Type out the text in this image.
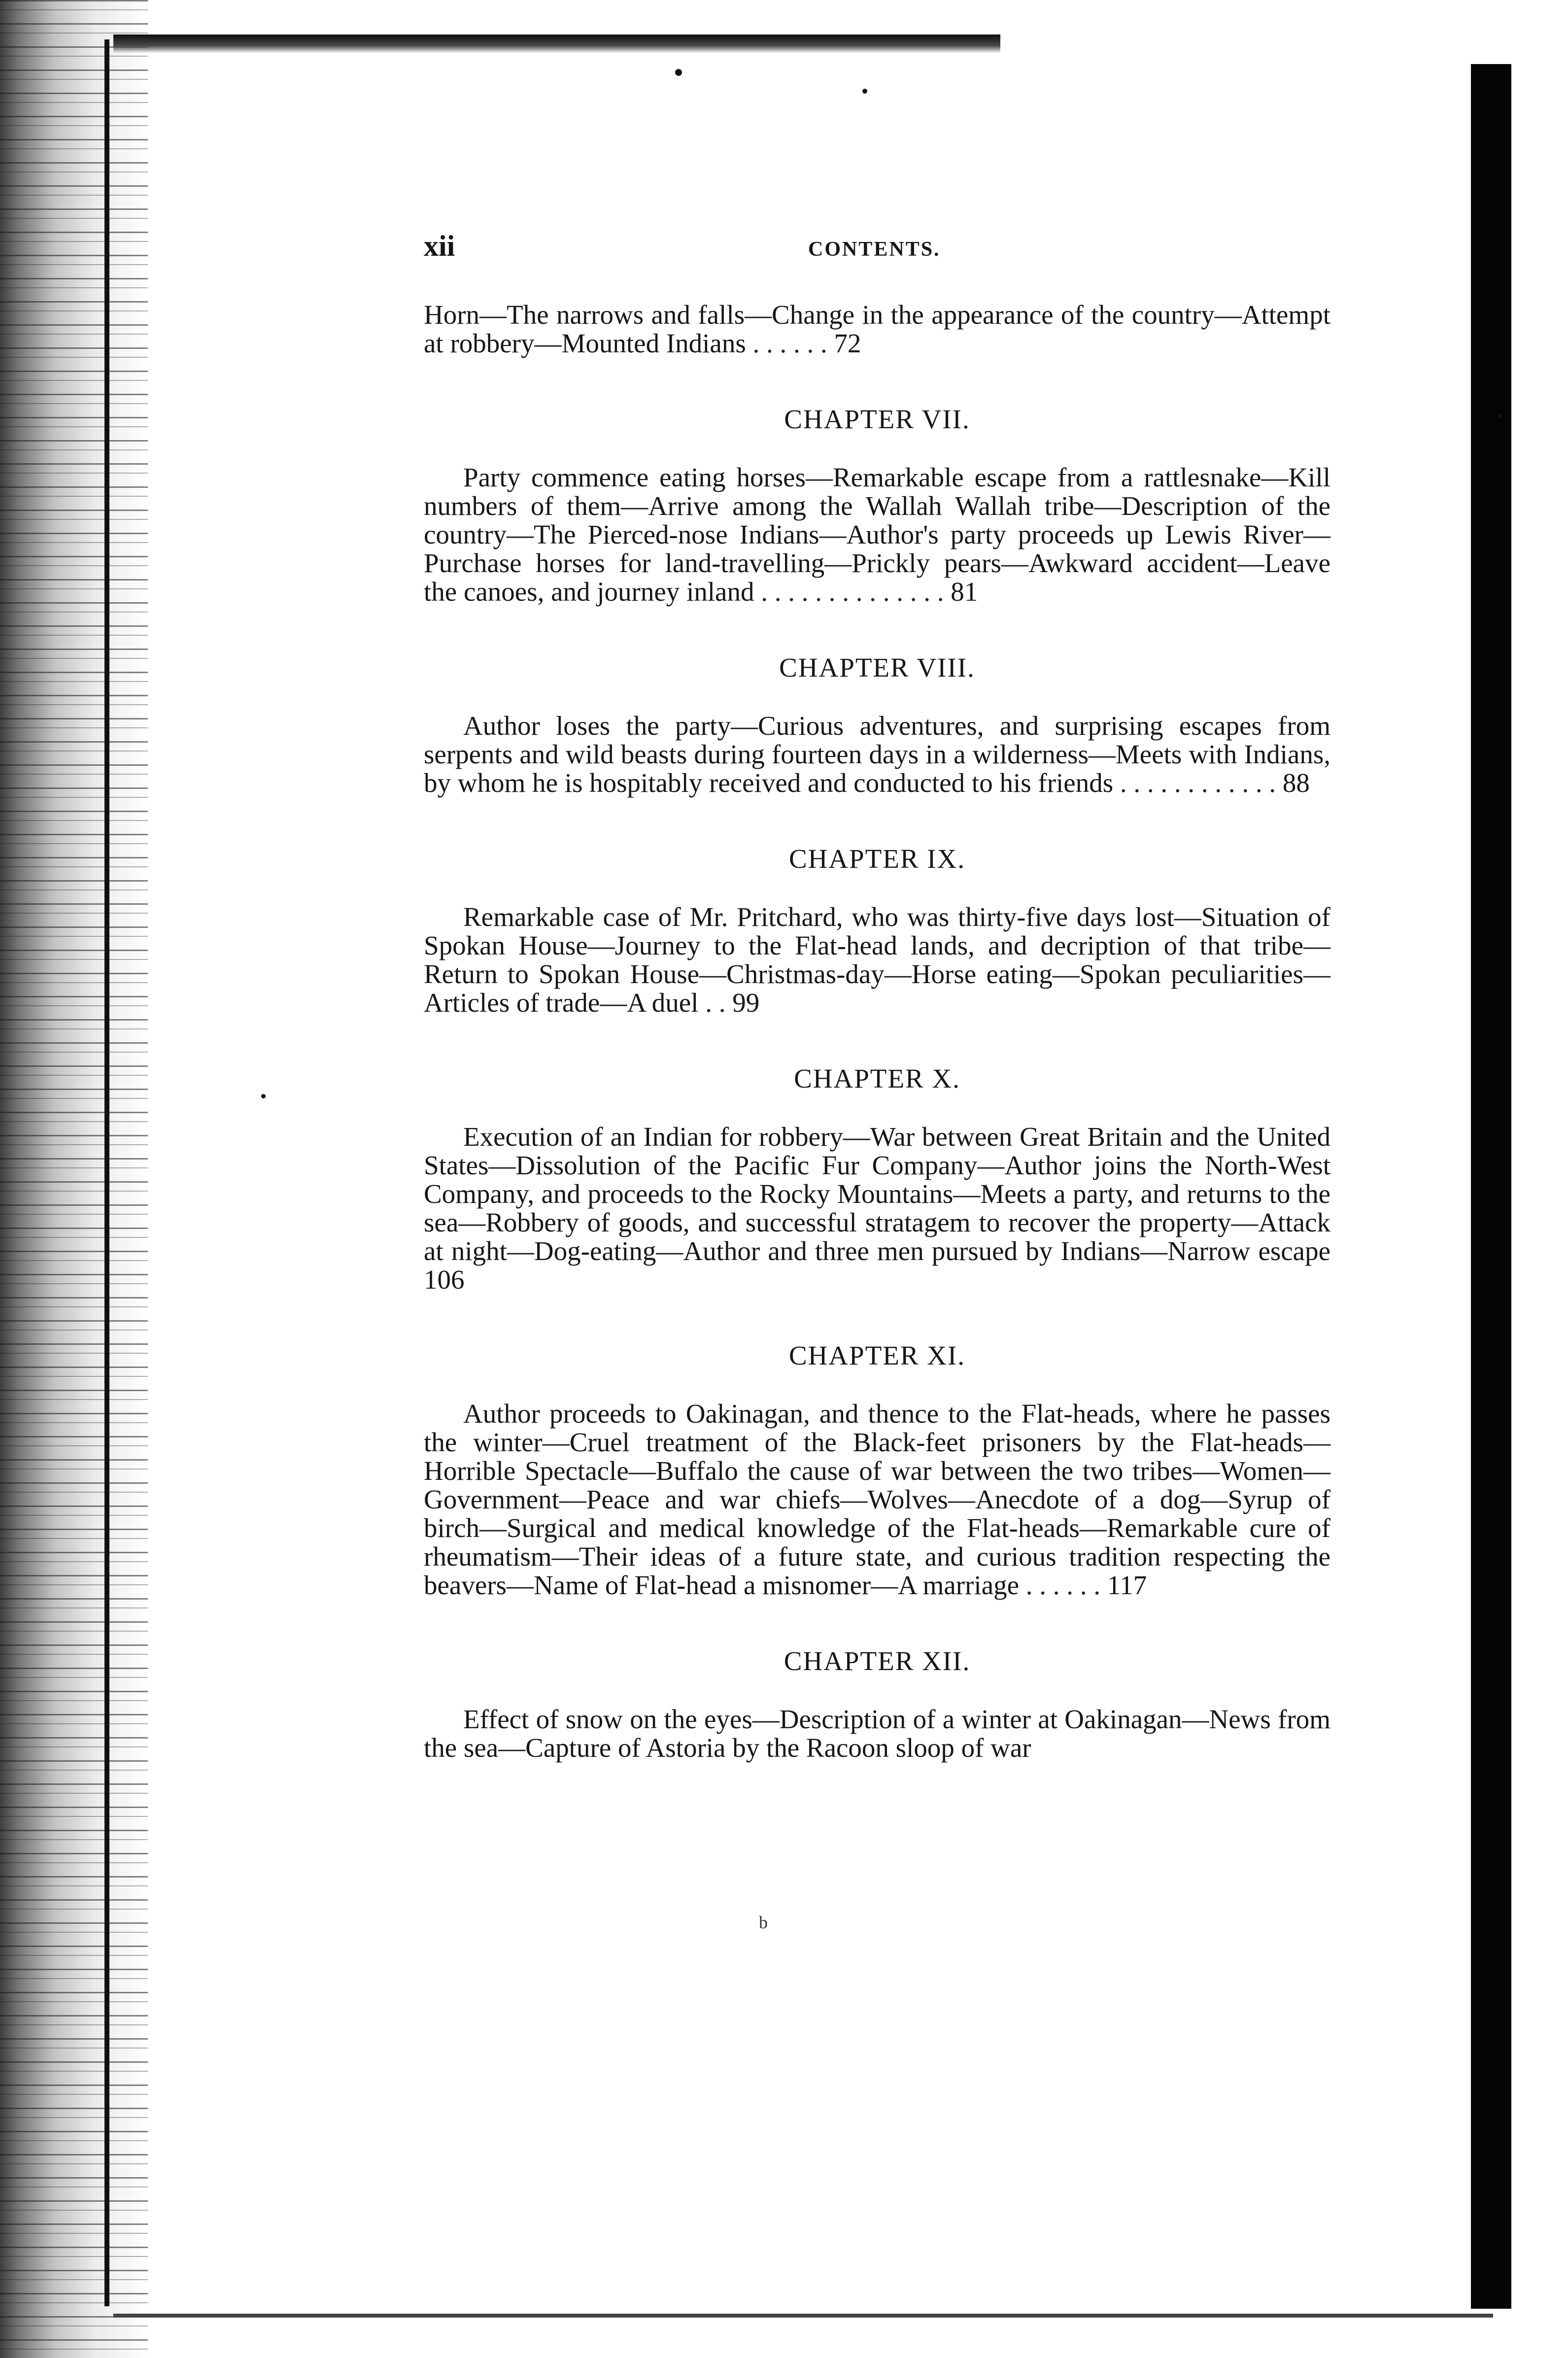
xii	CONTENTS.
Horn—The narrows and falls—Change in the appearance of the country—Attempt at robbery—Mounted Indians . . . . . . 72
CHAPTER VII.
Party commence eating horses—Remarkable escape from a rattlesnake—Kill numbers of them—Arrive among the Wallah Wallah tribe—Description of the country—The Pierced-nose Indians—Author's party proceeds up Lewis River—Purchase horses for land-travelling—Prickly pears—Awkward accident—Leave the canoes, and journey inland . . . . . . . . . . . . . . 81
CHAPTER VIII.
Author loses the party—Curious adventures, and surprising escapes from serpents and wild beasts during fourteen days in a wilderness—Meets with Indians, by whom he is hospitably received and conducted to his friends . . . . . . . . . . . . 88
CHAPTER IX.
Remarkable case of Mr. Pritchard, who was thirty-five days lost—Situation of Spokan House—Journey to the Flat-head lands, and decription of that tribe—Return to Spokan House—Christmas-day—Horse eating—Spokan peculiarities—Articles of trade—A duel . . 99
CHAPTER X.
Execution of an Indian for robbery—War between Great Britain and the United States—Dissolution of the Pacific Fur Company—Author joins the North-West Company, and proceeds to the Rocky Mountains—Meets a party, and returns to the sea—Robbery of goods, and successful stratagem to recover the property—Attack at night—Dog-eating—Author and three men pursued by Indians—Narrow escape 106
CHAPTER XI.
Author proceeds to Oakinagan, and thence to the Flat-heads, where he passes the winter—Cruel treatment of the Black-feet prisoners by the Flat-heads—Horrible Spectacle—Buffalo the cause of war between the two tribes—Women—Government—Peace and war chiefs—Wolves—Anecdote of a dog—Syrup of birch—Surgical and medical knowledge of the Flat-heads—Remarkable cure of rheumatism—Their ideas of a future state, and curious tradition respecting the beavers—Name of Flat-head a misnomer—A marriage . . . . . . 117
CHAPTER XII.
Effect of snow on the eyes—Description of a winter at Oakinagan—News from the sea—Capture of Astoria by the Racoon sloop of war
b
